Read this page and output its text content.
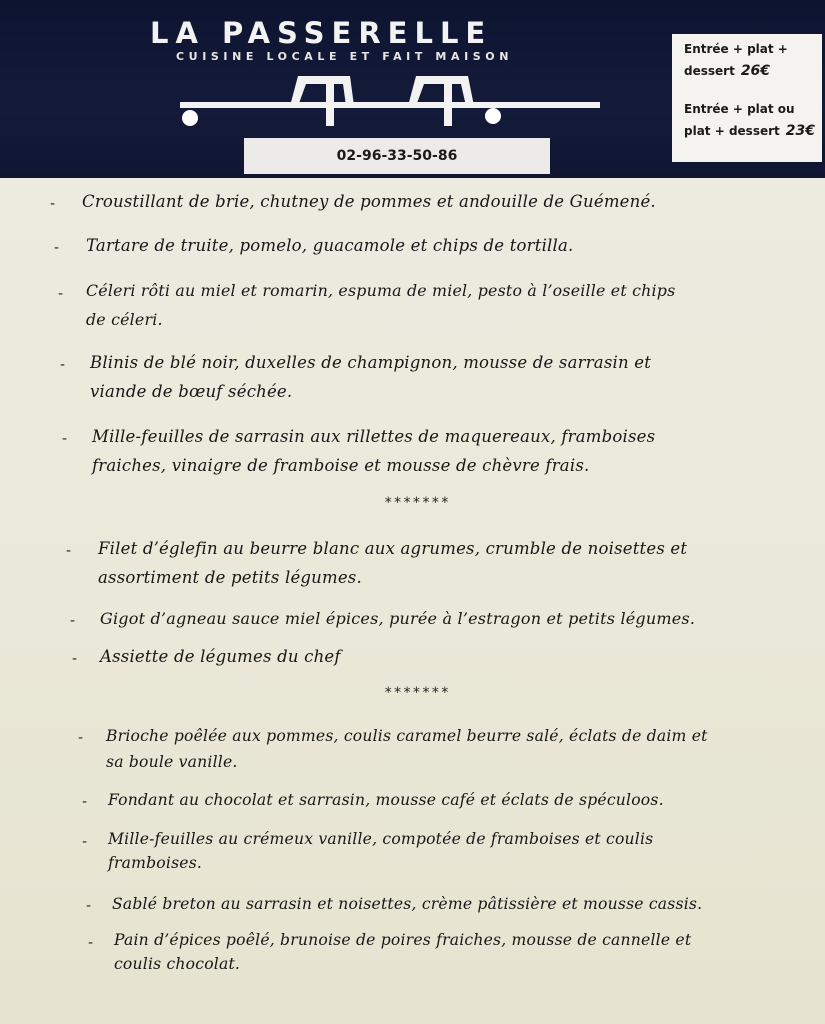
LA PASSERELLE
CUISINE LOCALE ET FAIT MAISON
02-96-33-50-86
Entrée + plat +
dessert 26€
Entrée + plat ou
plat + dessert 23€
- Croustillant de brie, chutney de pommes et andouille de Guémené.
- Tartare de truite, pomelo, guacamole et chips de tortilla.
- Céleri rôti au miel et romarin, espuma de miel, pesto à l’oseille et chips
de céleri.
- Blinis de blé noir, duxelles de champignon, mousse de sarrasin et
viande de bœuf séchée.
- Mille-feuilles de sarrasin aux rillettes de maquereaux, framboises
fraiches, vinaigre de framboise et mousse de chèvre frais.
*******
- Filet d’églefin au beurre blanc aux agrumes, crumble de noisettes et
assortiment de petits légumes.
- Gigot d’agneau sauce miel épices, purée à l’estragon et petits légumes.
- Assiette de légumes du chef
*******
- Brioche poêlée aux pommes, coulis caramel beurre salé, éclats de daim et
sa boule vanille.
- Fondant au chocolat et sarrasin, mousse café et éclats de spéculoos.
- Mille-feuilles au crémeux vanille, compotée de framboises et coulis
framboises.
- Sablé breton au sarrasin et noisettes, crème pâtissière et mousse cassis.
- Pain d’épices poêlé, brunoise de poires fraiches, mousse de cannelle et
coulis chocolat.
